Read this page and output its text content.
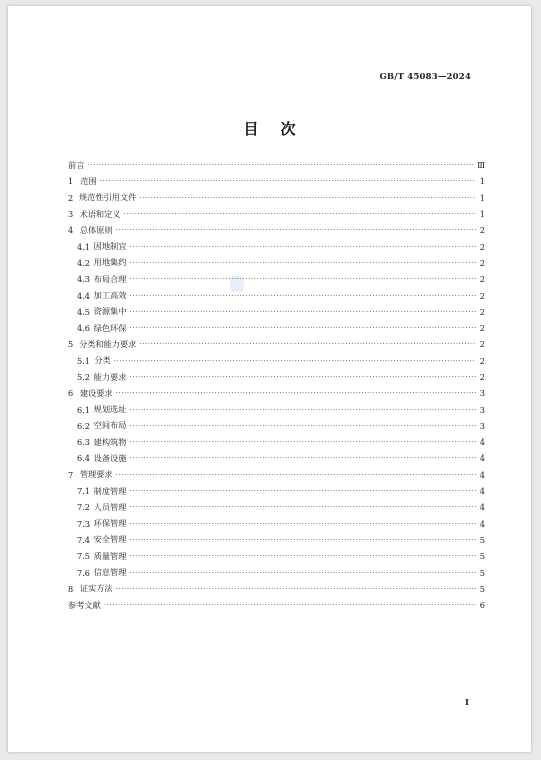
GB/T 45083—2024
目次
前言 ·····	Ⅲ
1 范围 ·····	1
2 规范性引用文件 ·····	1
3 术语和定义 ·····	1
4 总体原则 ·····	2
4.1 因地制宜 ·····	2
4.2 用地集约 ·····	2
4.3 布局合理 ·····	2
4.4 加工高效 ·····	2
4.5 资源集中 ·····	2
4.6 绿色环保 ·····	2
5 分类和能力要求 ·····	2
5.1 分类 ·····	2
5.2 能力要求 ·····	2
6 建设要求 ·····	3
6.1 规划选址 ·····	3
6.2 空间布局 ·····	3
6.3 建构筑物 ·····	4
6.4 设备设施 ·····	4
7 管理要求 ·····	4
7.1 制度管理 ·····	4
7.2 人员管理 ·····	4
7.3 环保管理 ·····	4
7.4 安全管理 ·····	5
7.5 质量管理 ·····	5
7.6 信息管理 ·····	5
8 证实方法 ·····	5
参考文献 ·····	6
I
